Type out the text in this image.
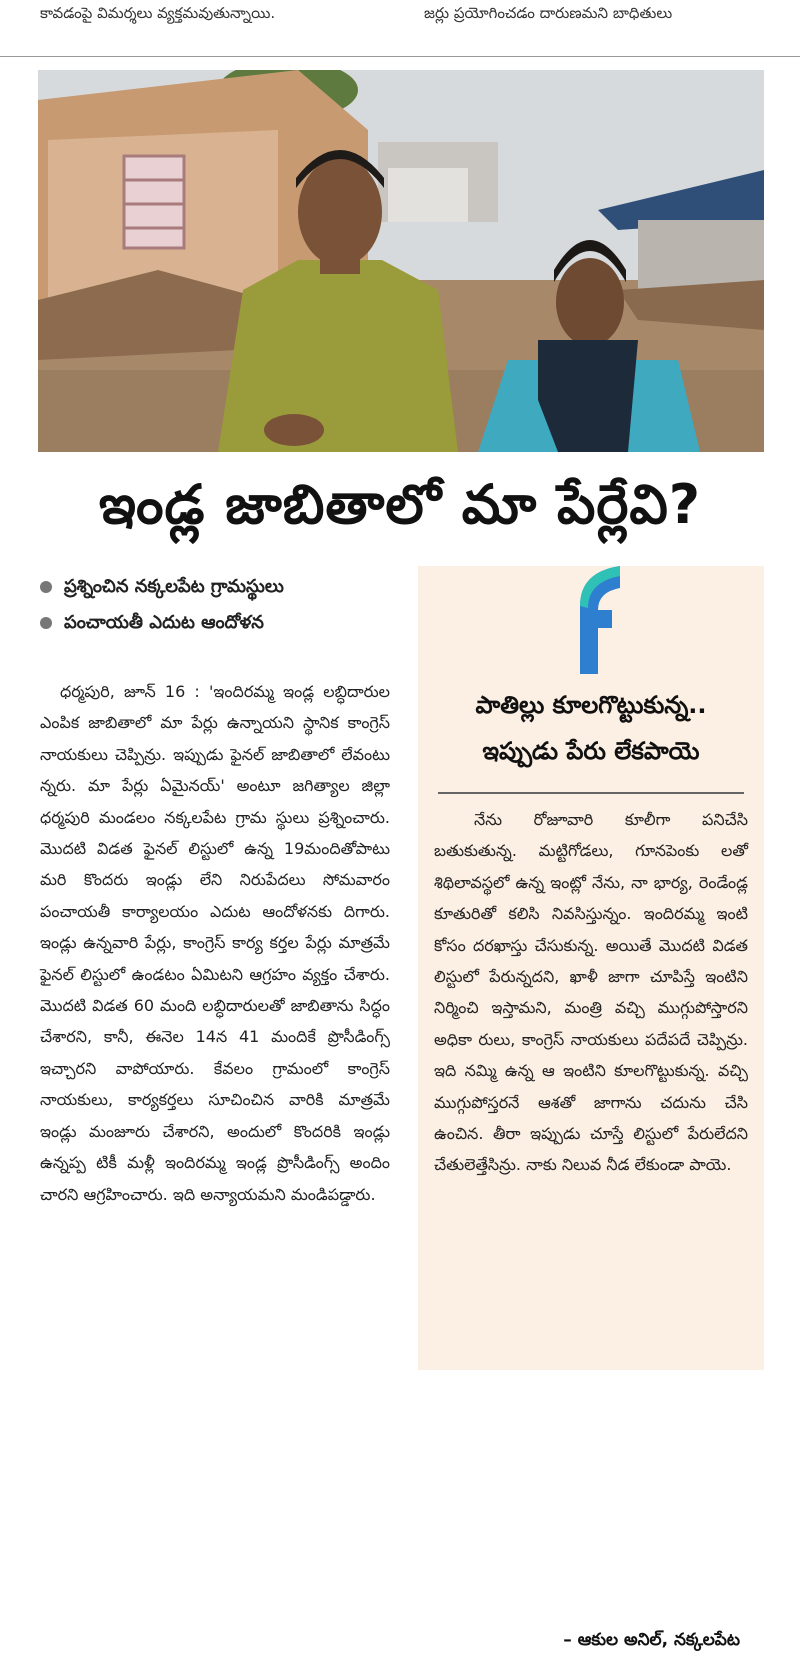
కావడంపై విమర్శలు వ్యక్తమవుతున్నాయి.	జర్లు ప్రయోగించడం దారుణమని బాధితులు
ఇండ్ల జాబితాలో మా పేర్లేవి?
ప్రశ్నించిన నక్కలపేట గ్రామస్థులు
పంచాయతీ ఎదుట ఆందోళన
ధర్మపురి, జూన్ 16 : 'ఇందిరమ్మ ఇండ్ల లబ్ధిదారుల ఎంపిక జాబితాలో మా పేర్లు ఉన్నాయని స్థానిక కాంగ్రెస్ నాయకులు చెప్పిన్రు. ఇప్పుడు ఫైనల్ జాబితాలో లేవంటు న్నరు. మా పేర్లు ఏమైనయ్' అంటూ జగిత్యాల జిల్లా ధర్మపురి మండలం నక్కలపేట గ్రామ స్థులు ప్రశ్నించారు. మొదటి విడత ఫైనల్ లిస్టులో ఉన్న 19మందితోపాటు మరి కొందరు ఇండ్లు లేని నిరుపేదలు సోమవారం పంచాయతీ కార్యాలయం ఎదుట ఆందోళనకు దిగారు. ఇండ్లు ఉన్నవారి పేర్లు, కాంగ్రెస్ కార్య కర్తల పేర్లు మాత్రమే ఫైనల్ లిస్టులో ఉండటం ఏమిటని ఆగ్రహం వ్యక్తం చేశారు. మొదటి విడత 60 మంది లబ్ధిదారులతో జాబితాను సిద్ధం చేశారని, కానీ, ఈనెల 14న 41 మందికే ప్రొసీడింగ్స్ ఇచ్చారని వాపోయారు. కేవలం గ్రామంలో కాంగ్రెస్ నాయకులు, కార్యకర్తలు సూచించిన వారికి మాత్రమే ఇండ్లు మంజూరు చేశారని, అందులో కొందరికి ఇండ్లు ఉన్నప్ప టికీ మళ్లీ ఇందిరమ్మ ఇండ్ల ప్రొసీడింగ్స్ అందిం చారని ఆగ్రహించారు. ఇది అన్యాయమని మండిపడ్డారు.
పాతిల్లు కూలగొట్టుకున్న..
ఇప్పుడు పేరు లేకపాయె
నేను రోజూవారి కూలీగా పనిచేసి బతుకుతున్న. మట్టిగోడలు, గూనపెంకు లతో శిథిలావస్థలో ఉన్న ఇంట్లో నేను, నా భార్య, రెండేండ్ల కూతురితో కలిసి నివసిస్తున్నం. ఇందిరమ్మ ఇంటి కోసం దరఖాస్తు చేసుకున్న. అయితే మొదటి విడత లిస్టులో పేరున్నదని, ఖాళీ జాగా చూపిస్తే ఇంటిని నిర్మించి ఇస్తామని, మంత్రి వచ్చి ముగ్గుపోస్తారని అధికా రులు, కాంగ్రెస్ నాయకులు పదేపదే చెప్పిన్రు. ఇది నమ్మి ఉన్న ఆ ఇంటిని కూలగొట్టుకున్న. వచ్చి ముగ్గుపోస్తరనే ఆశతో జాగాను చదును చేసి ఉంచిన. తీరా ఇప్పుడు చూస్తే లిస్టులో పేరులేదని చేతులెత్తేసిన్రు. నాకు నిలువ నీడ లేకుండా పాయె.
– ఆకుల అనిల్, నక్కలపేట
